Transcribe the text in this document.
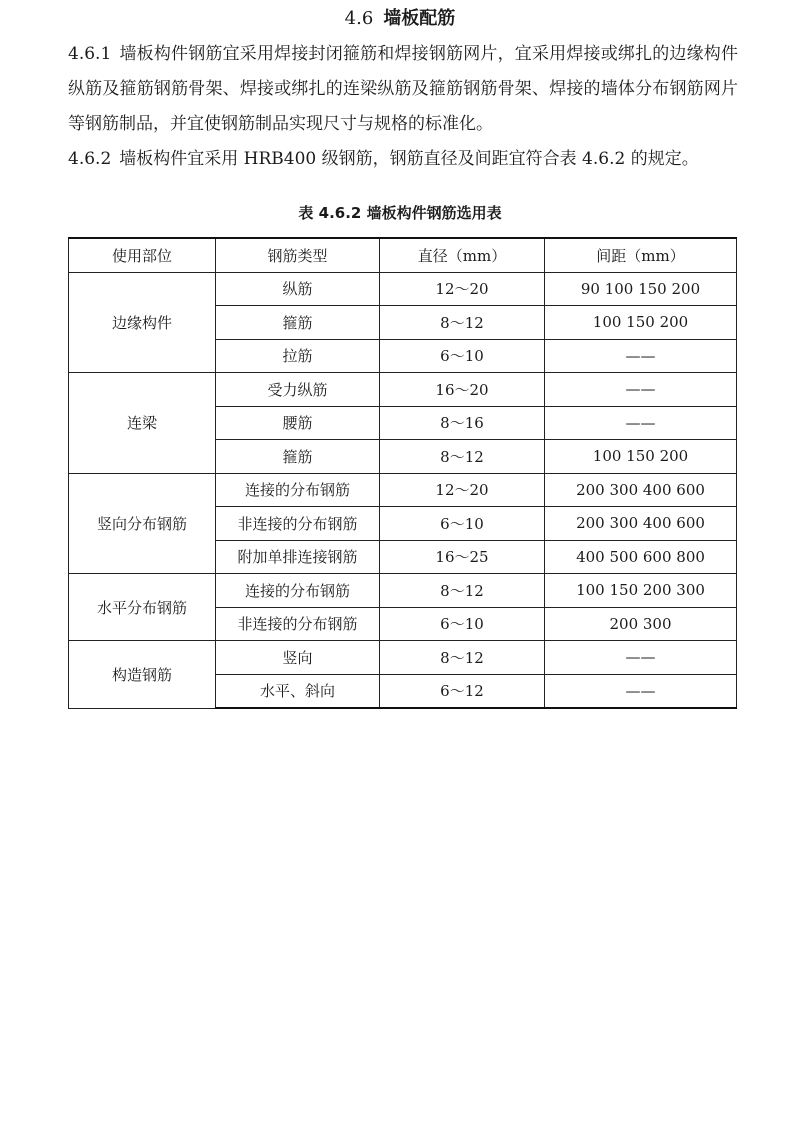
4.6 墙板配筋

4.6.1 墙板构件钢筋宜采用焊接封闭箍筋和焊接钢筋网片，宜采用焊接或绑扎的边缘构件纵筋及箍筋钢筋骨架、焊接或绑扎的连梁纵筋及箍筋钢筋骨架、焊接的墙体分布钢筋网片等钢筋制品，并宜使钢筋制品实现尺寸与规格的标准化。

4.6.2 墙板构件宜采用 HRB400 级钢筋，钢筋直径及间距宜符合表 4.6.2 的规定。

表 4.6.2 墙板构件钢筋选用表
使用部位	钢筋类型	直径（mm）	间距（mm）
边缘构件	纵筋	12～20	90 100 150 200
	箍筋	8～12	100 150 200
	拉筋	6～10	——
连梁	受力纵筋	16～20	——
	腰筋	8～16	——
	箍筋	8～12	100 150 200
竖向分布钢筋	连接的分布钢筋	12～20	200 300 400 600
	非连接的分布钢筋	6～10	200 300 400 600
	附加单排连接钢筋	16～25	400 500 600 800
水平分布钢筋	连接的分布钢筋	8～12	100 150 200 300
	非连接的分布钢筋	6～10	200 300
构造钢筋	竖向	8～12	——
	水平、斜向	6～12	——
